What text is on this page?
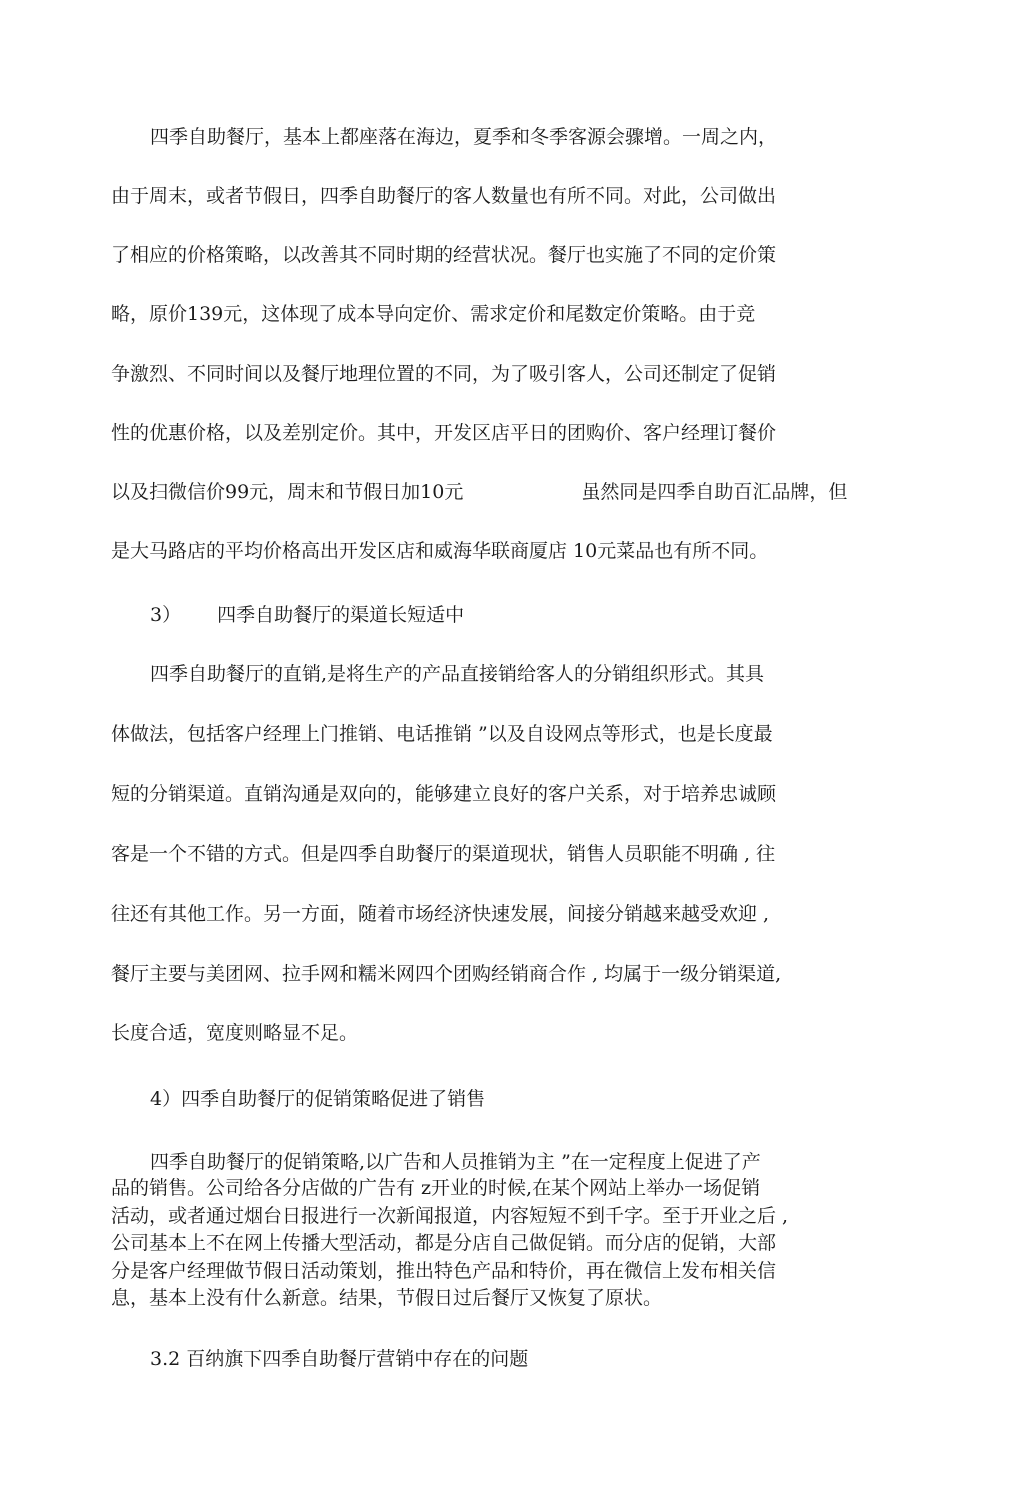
四季自助餐厅，基本上都座落在海边，夏季和冬季客源会骤增。一周之内，

由于周末，或者节假日，四季自助餐厅的客人数量也有所不同。对此，公司做出

了相应的价格策略，以改善其不同时期的经营状况。餐厅也实施了不同的定价策

略，原价139元，这体现了成本导向定价、需求定价和尾数定价策略。由于竞

争激烈、不同时间以及餐厅地理位置的不同，为了吸引客人，公司还制定了促销

性的优惠价格，以及差别定价。其中，开发区店平日的团购价、客户经理订餐价

以及扫微信价99元，周末和节假日加10元	虽然同是四季自助百汇品牌，但

是大马路店的平均价格高出开发区店和威海华联商厦店 10元菜品也有所不同。

3） 四季自助餐厅的渠道长短适中

四季自助餐厅的直销,是将生产的产品直接销给客人的分销组织形式。其具

体做法，包括客户经理上门推销、电话推销 ”以及自设网点等形式，也是长度最

短的分销渠道。直销沟通是双向的，能够建立良好的客户关系，对于培养忠诚顾

客是一个不错的方式。但是四季自助餐厅的渠道现状，销售人员职能不明确 , 往

往还有其他工作。另一方面，随着市场经济快速发展，间接分销越来越受欢迎 ,

餐厅主要与美团网、拉手网和糯米网四个团购经销商合作 , 均属于一级分销渠道,

长度合适，宽度则略显不足。

4）四季自助餐厅的促销策略促进了销售

四季自助餐厅的促销策略,以广告和人员推销为主 ”在一定程度上促进了产

品的销售。公司给各分店做的广告有 z开业的时候,在某个网站上举办一场促销

活动，或者通过烟台日报进行一次新闻报道，内容短短不到千字。至于开业之后 ,

公司基本上不在网上传播大型活动，都是分店自己做促销。而分店的促销，大部

分是客户经理做节假日活动策划，推出特色产品和特价，再在微信上发布相关信

息，基本上没有什么新意。结果，节假日过后餐厅又恢复了原状。

3.2 百纳旗下四季自助餐厅营销中存在的问题
